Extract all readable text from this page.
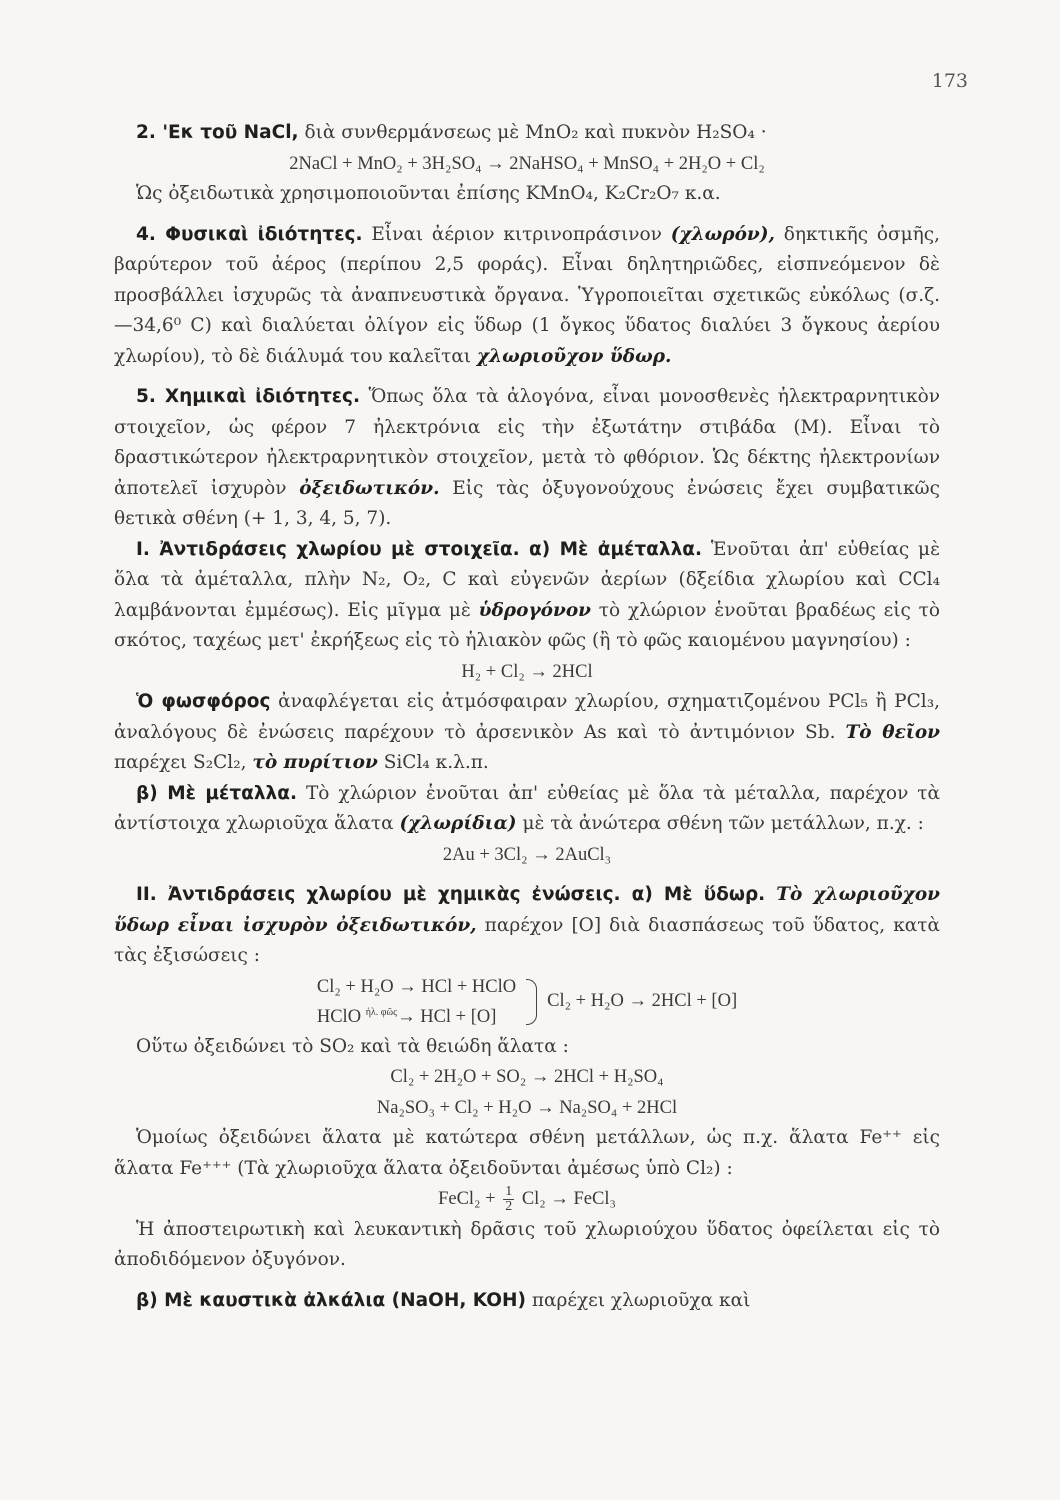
173

2. 'Εκ τοῦ NaCl, διὰ συνθερμάνσεως μὲ MnO₂ καὶ πυκνὸν H₂SO₄ ·

2NaCl + MnO₂ + 3H₂SO₄ → 2NaHSO₄ + MnSO₄ + 2H₂O + Cl₂

Ὡς ὀξειδωτικὰ χρησιμοποιοῦνται ἐπίσης KMnO₄, K₂Cr₂O₇ κ.α.

4. Φυσικαὶ ἰδιότητες. Εἶναι ἀέριον κιτρινοπράσινον (χλωρόν), δηκτικῆς ὀσμῆς, βαρύτερον τοῦ ἀέρος (περίπου 2,5 φοράς). Εἶναι δηλητηριῶδες, εἰσπνεόμενον δὲ προσβάλλει ἰσχυρῶς τὰ ἀναπνευστικὰ ὄργανα. Ὑγροποιεῖται σχετικῶς εὐκόλως (σ.ζ. —34,6⁰ C) καὶ διαλύεται ὀλίγον εἰς ὕδωρ (1 ὄγκος ὕδατος διαλύει 3 ὄγκους ἀερίου χλωρίου), τὸ δὲ διάλυμά του καλεῖται χλωριοῦχον ὕδωρ.

5. Χημικαὶ ἰδιότητες. Ὅπως ὅλα τὰ ἀλογόνα, εἶναι μονοσθενὲς ἠλεκτραρνητικὸν στοιχεῖον, ὡς φέρον 7 ἠλεκτρόνια εἰς τὴν ἐξωτάτην στιβάδα (M). Εἶναι τὸ δραστικώτερον ἠλεκτραρνητικὸν στοιχεῖον, μετὰ τὸ φθόριον. Ὡς δέκτης ἠλεκτρονίων ἀποτελεῖ ἰσχυρὸν ὀξειδωτικόν. Εἰς τὰς ὀξυγονούχους ἐνώσεις ἔχει συμβατικῶς θετικὰ σθένη (+ 1, 3, 4, 5, 7).

I. Ἀντιδράσεις χλωρίου μὲ στοιχεῖα. α) Μὲ ἀμέταλλα. Ἑνοῦται ἀπ' εὐθείας μὲ ὅλα τὰ ἀμέταλλα, πλὴν N₂, O₂, C καὶ εὐγενῶν ἀερίων (δξείδια χλωρίου καὶ CCl₄ λαμβάνονται ἐμμέσως). Εἰς μῖγμα μὲ ὑδρογόνον τὸ χλώριον ἑνοῦται βραδέως εἰς τὸ σκότος, ταχέως μετ' ἐκρήξεως εἰς τὸ ἡλιακὸν φῶς (ἢ τὸ φῶς καιομένου μαγνησίου) :

H₂ + Cl₂ → 2HCl

Ὁ φωσφόρος ἀναφλέγεται εἰς ἀτμόσφαιραν χλωρίου, σχηματιζομένου PCl₅ ἢ PCl₃, ἀναλόγους δὲ ἐνώσεις παρέχουν τὸ ἀρσενικὸν As καὶ τὸ ἀντιμόνιον Sb. Τὸ θεῖον παρέχει S₂Cl₂, τὸ πυρίτιον SiCl₄ κ.λ.π.

β) Μὲ μέταλλα. Τὸ χλώριον ἑνοῦται ἀπ' εὐθείας μὲ ὅλα τὰ μέταλλα, παρέχον τὰ ἀντίστοιχα χλωριοῦχα ἅλατα (χλωρίδια) μὲ τὰ ἀνώτερα σθένη τῶν μετάλλων, π.χ. :

2Au + 3Cl₂ → 2AuCl₃

II. Ἀντιδράσεις χλωρίου μὲ χημικὰς ἐνώσεις. α) Μὲ ὕδωρ. Τὸ χλωριοῦχον ὕδωρ εἶναι ἰσχυρὸν ὀξειδωτικόν, παρέχον [O] διὰ διασπάσεως τοῦ ὕδατος, κατὰ τὰς ἐξισώσεις :

Cl₂ + H₂O → HCl + HClO
HClO $^{ἡ\lambda. \varphi ῶ\varsigma}$→ HCl + [O]
Cl₂ + H₂O → 2HCl + [O]

Οὕτω ὀξειδώνει τὸ SO₂ καὶ τὰ θειώδη ἅλατα :

Cl₂ + 2H₂O + SO₂ → 2HCl + H₂SO₄

Na₂SO₃ + Cl₂ + H₂O → Na₂SO₄ + 2HCl

Ὁμοίως ὀξειδώνει ἅλατα μὲ κατώτερα σθένη μετάλλων, ὡς π.χ. ἅλατα Fe⁺⁺ εἰς ἅλατα Fe⁺⁺⁺ (Τὰ χλωριοῦχα ἅλατα ὀξειδοῦνται ἀμέσως ὑπὸ Cl₂) :

FeCl₂ + $\frac{1}{2} Cl_2$ → FeCl₃

Ἡ ἀποστειρωτικὴ καὶ λευκαντικὴ δρᾶσις τοῦ χλωριούχου ὕδατος ὀφείλεται εἰς τὸ ἀποδιδόμενον ὀξυγόνον.

β) Μὲ καυστικὰ ἀλκάλια (NaOH, KOH) παρέχει χλωριοῦχα καὶ
